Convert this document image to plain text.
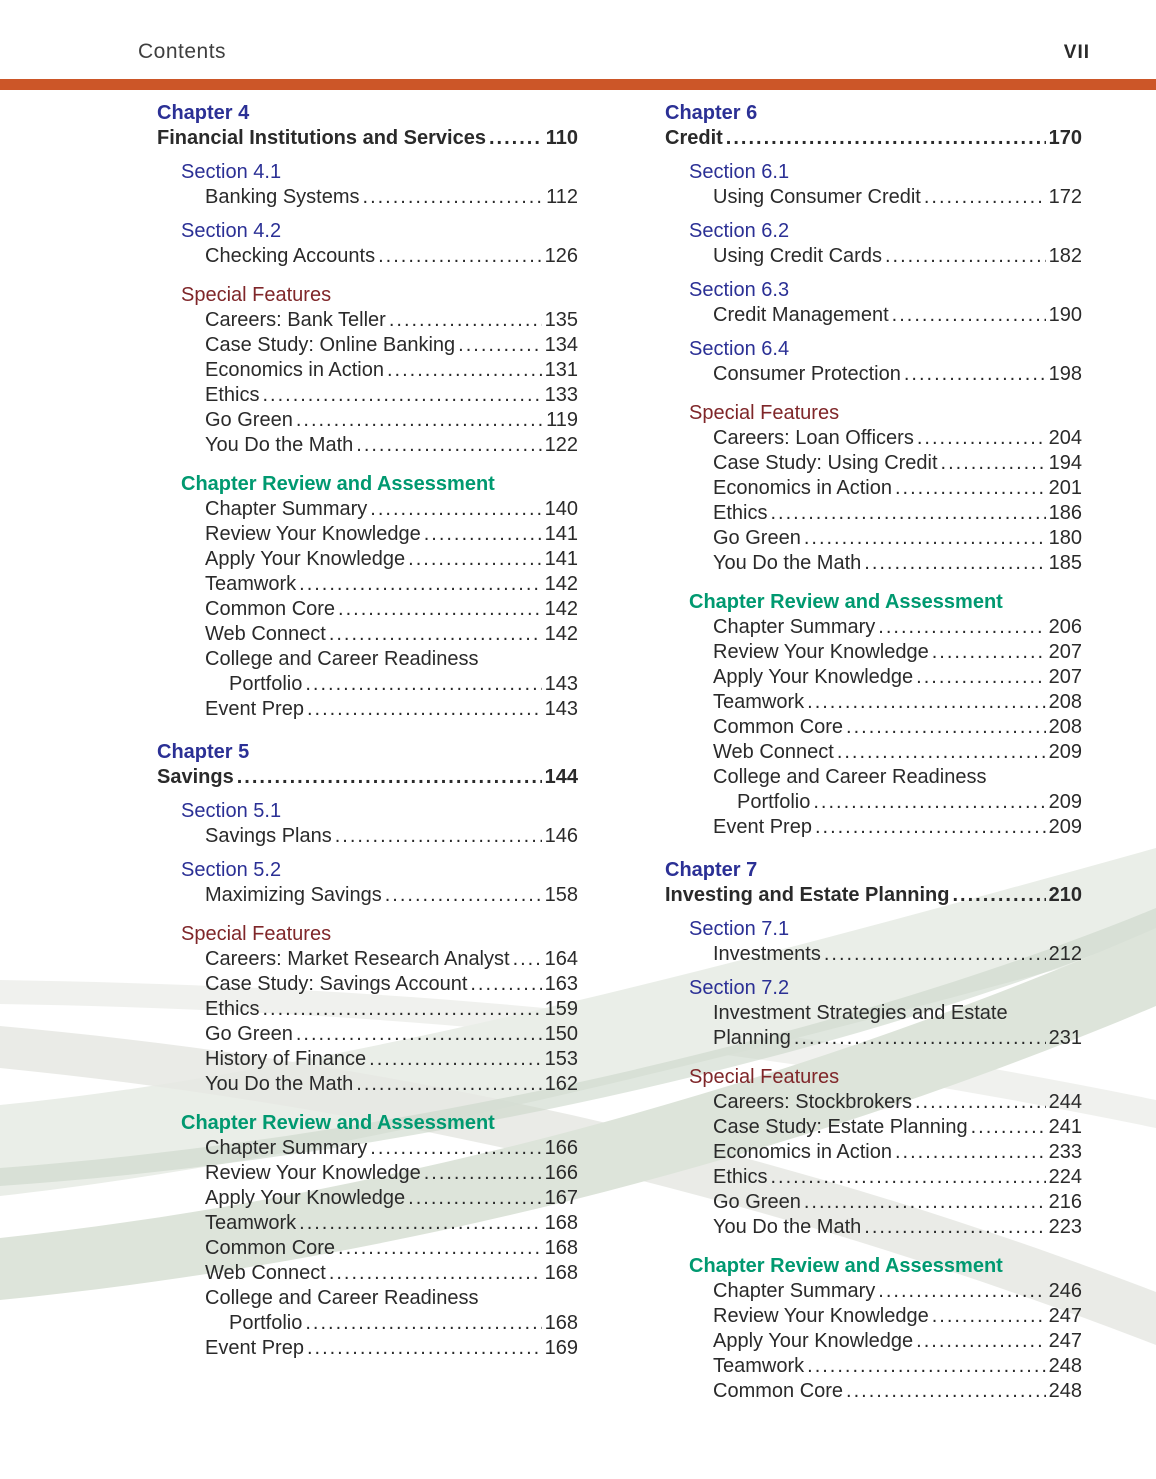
Contents	VII
Chapter 4
Financial Institutions and Services .....	110
Section 4.1
Banking Systems .....	112
Section 4.2
Checking Accounts .....	126
Special Features
Careers: Bank Teller .....	135
Case Study: Online Banking .....	134
Economics in Action .....	131
Ethics .....	133
Go Green .....	119
You Do the Math .....	122
Chapter Review and Assessment
Chapter Summary .....	140
Review Your Knowledge .....	141
Apply Your Knowledge .....	141
Teamwork .....	142
Common Core .....	142
Web Connect .....	142
College and Career Readiness
Portfolio .....	143
Event Prep .....	143
Chapter 5
Savings .....	144
Section 5.1
Savings Plans .....	146
Section 5.2
Maximizing Savings .....	158
Special Features
Careers: Market Research Analyst ..... 164
Case Study: Savings Account .....	163
Ethics .....	159
Go Green .....	150
History of Finance .....	153
You Do the Math .....	162
Chapter Review and Assessment
Chapter Summary .....	166
Review Your Knowledge .....	166
Apply Your Knowledge .....	167
Teamwork .....	168
Common Core .....	168
Web Connect .....	168
College and Career Readiness
Portfolio .....	168
Event Prep .....	169
Chapter 6
Credit .....	170
Section 6.1
Using Consumer Credit .....	172
Section 6.2
Using Credit Cards .....	182
Section 6.3
Credit Management .....	190
Section 6.4
Consumer Protection .....	198
Special Features
Careers: Loan Officers .....	204
Case Study: Using Credit .....	194
Economics in Action .....	201
Ethics .....	186
Go Green .....	180
You Do the Math .....	185
Chapter Review and Assessment
Chapter Summary .....	206
Review Your Knowledge .....	207
Apply Your Knowledge .....	207
Teamwork .....	208
Common Core .....	208
Web Connect .....	209
College and Career Readiness
Portfolio .....	209
Event Prep .....	209
Chapter 7
Investing and Estate Planning .....	210
Section 7.1
Investments .....	212
Section 7.2
Investment Strategies and Estate
Planning .....	231
Special Features
Careers: Stockbrokers .....	244
Case Study: Estate Planning .....	241
Economics in Action .....	233
Ethics .....	224
Go Green .....	216
You Do the Math .....	223
Chapter Review and Assessment
Chapter Summary .....	246
Review Your Knowledge .....	247
Apply Your Knowledge .....	247
Teamwork .....	248
Common Core .....	248
